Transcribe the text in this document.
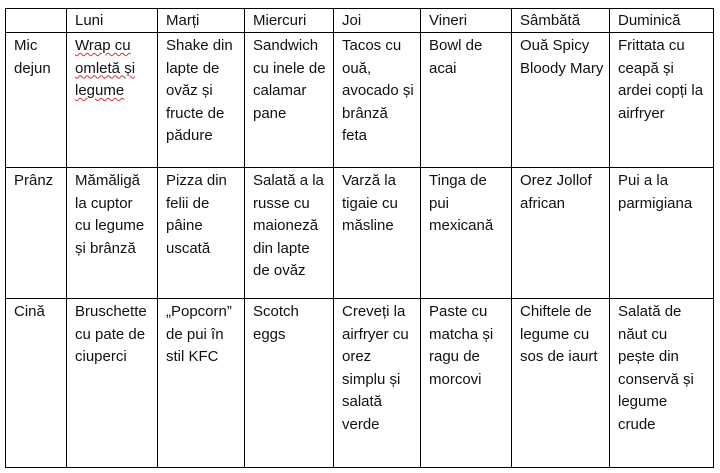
	Luni	Marți	Miercuri	Joi	Vineri	Sâmbătă	Duminică
Mic dejun	Wrap cu omletă și legume	Shake din lapte de ovăz și fructe de pădure	Sandwich cu inele de calamar pane	Tacos cu ouă, avocado și brânză feta	Bowl de acai	Ouă Spicy Bloody Mary	Frittata cu ceapă și ardei copți la airfryer

Prânz	Mămăligă la cuptor cu legume și brânză	Pizza din felii de pâine uscată	Salată a la russe cu maioneză din lapte de ovăz	Varză la tigaie cu măsline	Tinga de pui mexicană	Orez Jollof african	Pui a la parmigiana

Cină	Bruschette cu pate de ciuperci	„Popcorn” de pui în stil KFC	Scotch eggs	Creveți la airfryer cu orez simplu și salată verde	Paste cu matcha și ragu de morcovi	Chiftele de legume cu sos de iaurt	Salată de năut cu pește din conservă și legume crude
